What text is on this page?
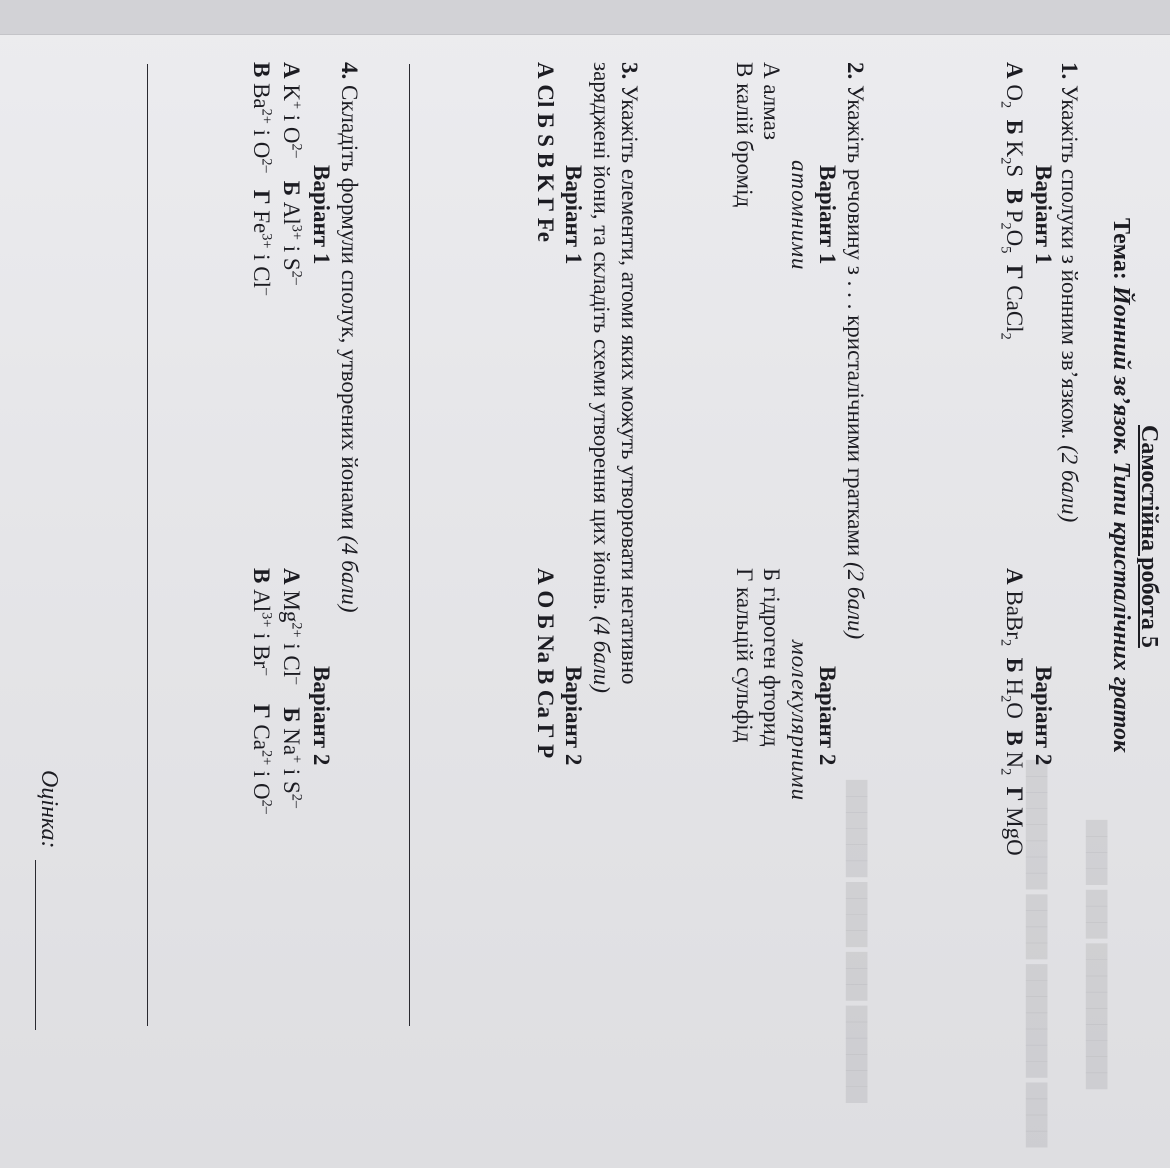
▇▇▇▇ ▇▇▇ ▇▇▇▇▇▇▇▇▇
▇▇▇▇▇▇▇▇ ▇▇▇▇ ▇▇▇▇▇▇▇ ▇▇▇▇
▇▇▇▇▇▇ ▇▇▇▇ ▇▇▇ ▇▇▇▇▇▇
Самостійна робота 5
Тема: Йонний зв’язок. Типи кристалічних граток
1. Укажіть сполуки з йонним зв’язком. (2 бали)
Варіант 1
Варіант 2
А $O_2$  Б $K_2S$  В $P_2O_5$  Г CaCl$_2$
А BaBr$_2$  Б $H_2O$  В $N_2$  Г MgO
2. Укажіть речовину з . . . кристалічними гратками (2 бали)
Варіант 1
Варіант 2
атомними
молекулярними
А алмаз
Б гідроген фторид
В калій бромід
Г кальцій сульфід
3. Укажіть елементи, атоми яких можуть утворювати негативно
заряджені йони, та складіть схеми утворення цих йонів. (4 бали)
Варіант 1
Варіант 2
А Cl Б S В K Г Fe
А O Б Na В Ca Г P
4. Складіть формули сполук, утворених йонами (4 бали)
Варіант 1
Варіант 2
А K+ і $O^{2-}$    Б $Al^{3+}$ і $S^{2-}$
А $Mg^{2+}$ і Cl–    Б Na+ і $S^{2-}$
В $Ba^{2+}$ і $O^{2-}$   Г $Fe^{3+}$ і Cl–
В $Al^{3+}$ і Br–     Г $Ca^{2+}$ і $O^{2-}$
Оцінка:
